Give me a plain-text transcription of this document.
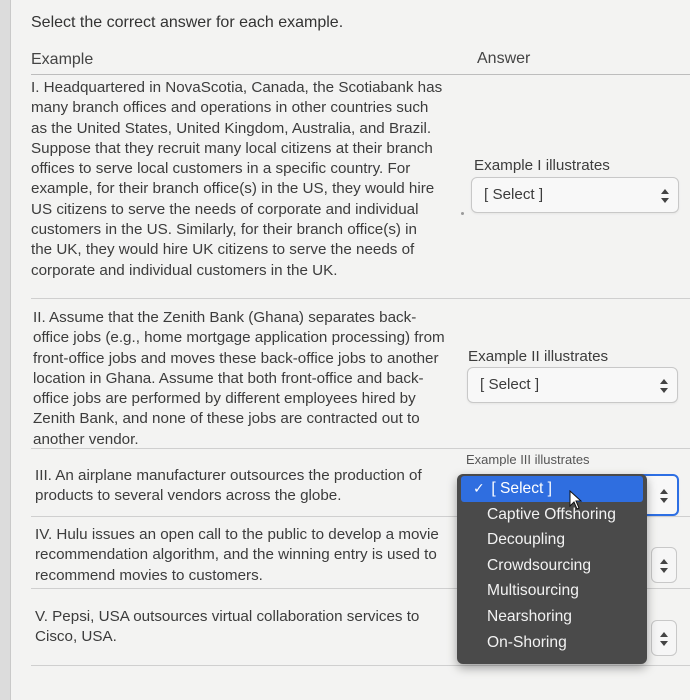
Select the correct answer for each example.
Example	Answer
I. Headquartered in NovaScotia, Canada, the Scotiabank has
many branch offices and operations in other countries such
as the United States, United Kingdom, Australia, and Brazil.
Suppose that they recruit many local citizens at their branch
offices to serve local customers in a specific country. For
example, for their branch office(s) in the US, they would hire
US citizens to serve the needs of corporate and individual
customers in the US. Similarly, for their branch office(s) in
the UK, they would hire UK citizens to serve the needs of
corporate and individual customers in the UK.
Example I illustrates
[ Select ]
II. Assume that the Zenith Bank (Ghana) separates back-
office jobs (e.g., home mortgage application processing) from
front-office jobs and moves these back-office jobs to another
location in Ghana. Assume that both front-office and back-
office jobs are performed by different employees hired by
Zenith Bank, and none of these jobs are contracted out to
another vendor.
Example II illustrates
[ Select ]
III. An airplane manufacturer outsources the production of
products to several vendors across the globe.
Example III illustrates
IV. Hulu issues an open call to the public to develop a movie
recommendation algorithm, and the winning entry is used to
recommend movies to customers.
V. Pepsi, USA outsources virtual collaboration services to
Cisco, USA.
✓ [ Select ]
Captive Offshoring
Decoupling
Crowdsourcing
Multisourcing
Nearshoring
On-Shoring
